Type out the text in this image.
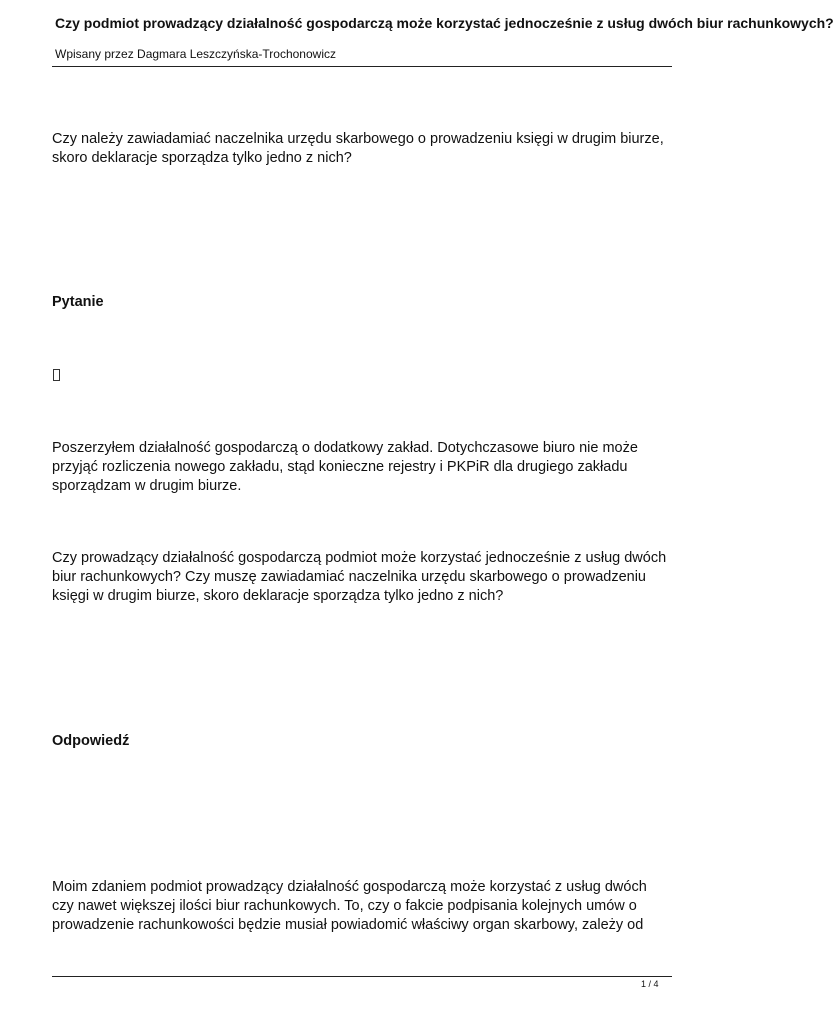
Czy podmiot prowadzący działalność gospodarczą może korzystać jednocześnie z usług dwóch biur rachunkowych?
Wpisany przez Dagmara Leszczyńska-Trochonowicz

Czy należy zawiadamiać naczelnika urzędu skarbowego o prowadzeniu księgi w drugim biurze,
skoro deklaracje sporządza tylko jedno z nich?

Pytanie

Poszerzyłem działalność gospodarczą o dodatkowy zakład. Dotychczasowe biuro nie może
przyjąć rozliczenia nowego zakładu, stąd konieczne rejestry i PKPiR dla drugiego zakładu
sporządzam w drugim biurze.

Czy prowadzący działalność gospodarczą podmiot może korzystać jednocześnie z usług dwóch
biur rachunkowych? Czy muszę zawiadamiać naczelnika urzędu skarbowego o prowadzeniu
księgi w drugim biurze, skoro deklaracje sporządza tylko jedno z nich?

Odpowiedź

Moim zdaniem podmiot prowadzący działalność gospodarczą może korzystać z usług dwóch
czy nawet większej ilości biur rachunkowych. To, czy o fakcie podpisania kolejnych umów o
prowadzenie rachunkowości będzie musiał powiadomić właściwy organ skarbowy, zależy od

1 / 4
